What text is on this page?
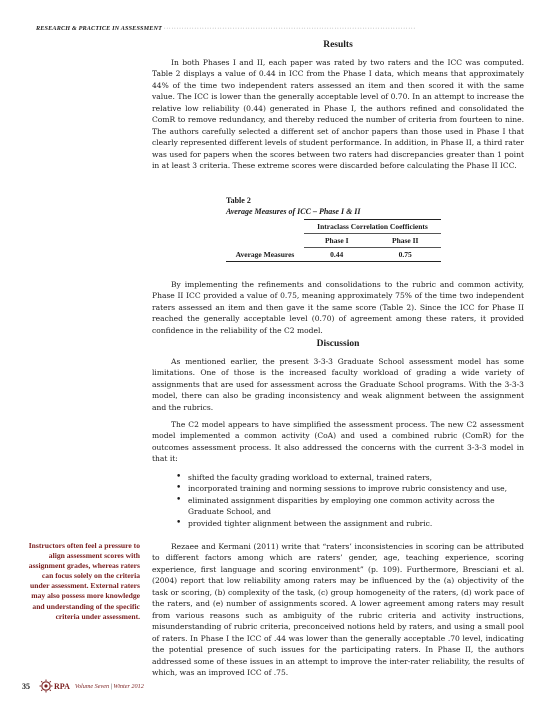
RESEARCH & PRACTICE IN ASSESSMENT ···································································································
Results

In both Phases I and II, each paper was rated by two raters and the ICC was computed. Table 2 displays a value of 0.44 in ICC from the Phase I data, which means that approximately 44% of the time two independent raters assessed an item and then scored it with the same value. The ICC is lower than the generally acceptable level of 0.70. In an attempt to increase the relative low reliability (0.44) generated in Phase I, the authors refined and consolidated the ComR to remove redundancy, and thereby reduced the number of criteria from fourteen to nine. The authors carefully selected a different set of anchor papers than those used in Phase I that clearly represented different levels of student performance. In addition, in Phase II, a third rater was used for papers when the scores between two raters had discrepancies greater than 1 point in at least 3 criteria. These extreme scores were discarded before calculating the Phase II ICC.

Table 2
Average Measures of ICC – Phase I & II
	Intraclass Correlation Coefficients	
	Phase I	Phase II
Average Measures	0.44	0.75

By implementing the refinements and consolidations to the rubric and common activity, Phase II ICC provided a value of 0.75, meaning approximately 75% of the time two independent raters assessed an item and then gave it the same score (Table 2). Since the ICC for Phase II reached the generally acceptable level (0.70) of agreement among these raters, it provided confidence in the reliability of the C2 model.

Discussion

As mentioned earlier, the present 3-3-3 Graduate School assessment model has some limitations. One of those is the increased faculty workload of grading a wide variety of assignments that are used for assessment across the Graduate School programs. With the 3-3-3 model, there can also be grading inconsistency and weak alignment between the assignment and the rubrics.

The C2 model appears to have simplified the assessment process. The new C2 assessment model implemented a common activity (CoA) and used a combined rubric (ComR) for the outcomes assessment process. It also addressed the concerns with the current 3-3-3 model in that it:

• shifted the faculty grading workload to external, trained raters,
• incorporated training and norming sessions to improve rubric consistency and use,
• eliminated assignment disparities by employing one common activity across the Graduate School, and
• provided tighter alignment between the assignment and rubric.

Rezaee and Kermani (2011) write that “raters’ inconsistencies in scoring can be attributed to different factors among which are raters’ gender, age, teaching experience, scoring experience, first language and scoring environment” (p. 109). Furthermore, Bresciani et al. (2004) report that low reliability among raters may be influenced by the (a) objectivity of the task or scoring, (b) complexity of the task, (c) group homogeneity of the raters, (d) work pace of the raters, and (e) number of assignments scored. A lower agreement among raters may result from various reasons such as ambiguity of the rubric criteria and activity instructions, misunderstanding of rubric criteria, preconceived notions held by raters, and using a small pool of raters. In Phase I the ICC of .44 was lower than the generally acceptable .70 level, indicating the potential presence of such issues for the participating raters. In Phase II, the authors addressed some of these issues in an attempt to improve the inter-rater reliability, the results of which, was an improved ICC of .75.

Instructors often feel a pressure to align assessment scores with assignment grades, whereas raters can focus solely on the criteria under assessment. External raters may also possess more knowledge and understanding of the specific criteria under assessment.
35	RPA Volume Seven | Winter 2012
